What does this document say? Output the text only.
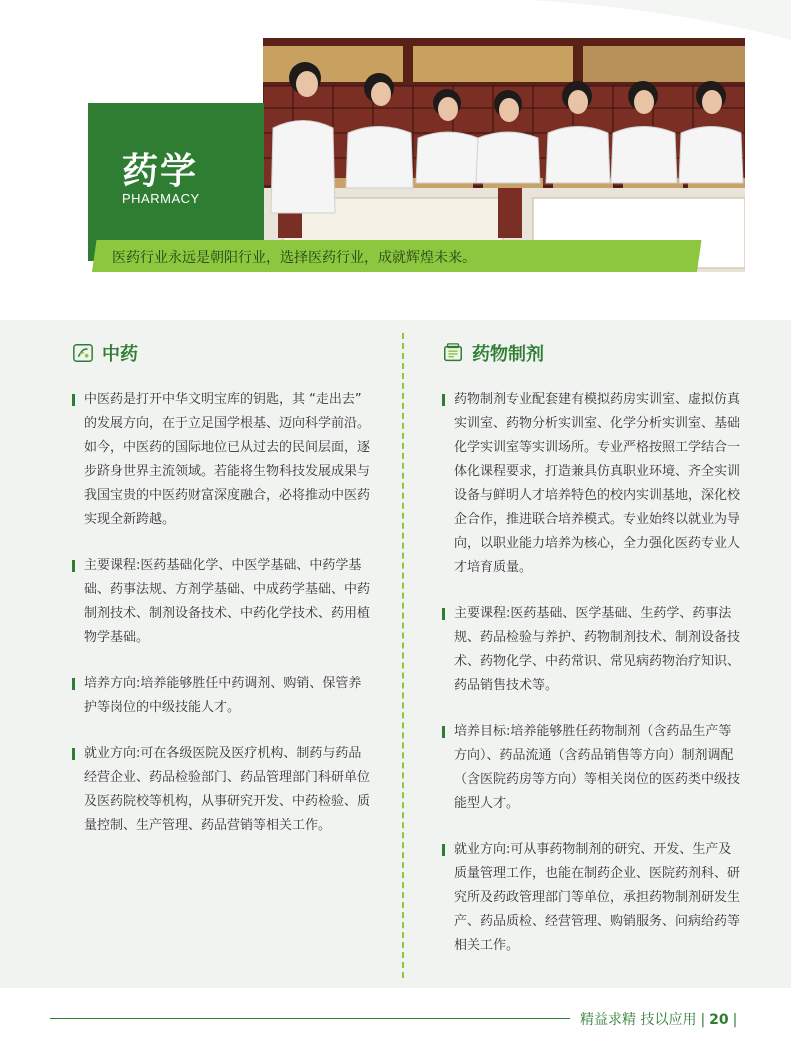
药学
PHARMACY
医药行业永远是朝阳行业，选择医药行业，成就辉煌未来。
中药

中医药是打开中华文明宝库的钥匙，其 “走出去” 的发展方向，在于立足国学根基、迈向科学前沿。如今，中医药的国际地位已从过去的民间层面，逐步跻身世界主流领域。若能将生物科技发展成果与我国宝贵的中医药财富深度融合，必将推动中医药实现全新跨越。

主要课程:医药基础化学、中医学基础、中药学基础、药事法规、方剂学基础、中成药学基础、中药制剂技术、制剂设备技术、中药化学技术、药用植物学基础。

培养方向:培养能够胜任中药调剂、购销、保管养护等岗位的中级技能人才。

就业方向:可在各级医院及医疗机构、制药与药品经营企业、药品检验部门、药品管理部门科研单位及医药院校等机构，从事研究开发、中药检验、质量控制、生产管理、药品营销等相关工作。

药物制剂

药物制剂专业配套建有模拟药房实训室、虚拟仿真实训室、药物分析实训室、化学分析实训室、基础化学实训室等实训场所。专业严格按照工学结合一体化课程要求，打造兼具仿真职业环境、齐全实训设备与鲜明人才培养特色的校内实训基地，深化校企合作，推进联合培养模式。专业始终以就业为导向，以职业能力培养为核心，全力强化医药专业人才培育质量。

主要课程:医药基础、医学基础、生药学、药事法规、药品检验与养护、药物制剂技术、制剂设备技术、药物化学、中药常识、常见病药物治疗知识、药品销售技术等。

培养目标:培养能够胜任药物制剂（含药品生产等方向）、药品流通（含药品销售等方向）制剂调配（含医院药房等方向）等相关岗位的医药类中级技能型人才。

就业方向:可从事药物制剂的研究、开发、生产及质量管理工作，也能在制药企业、医院药剂科、研究所及药政管理部门等单位，承担药物制剂研发生产、药品质检、经营管理、购销服务、问病给药等相关工作。

精益求精 技以应用 | 20 |
